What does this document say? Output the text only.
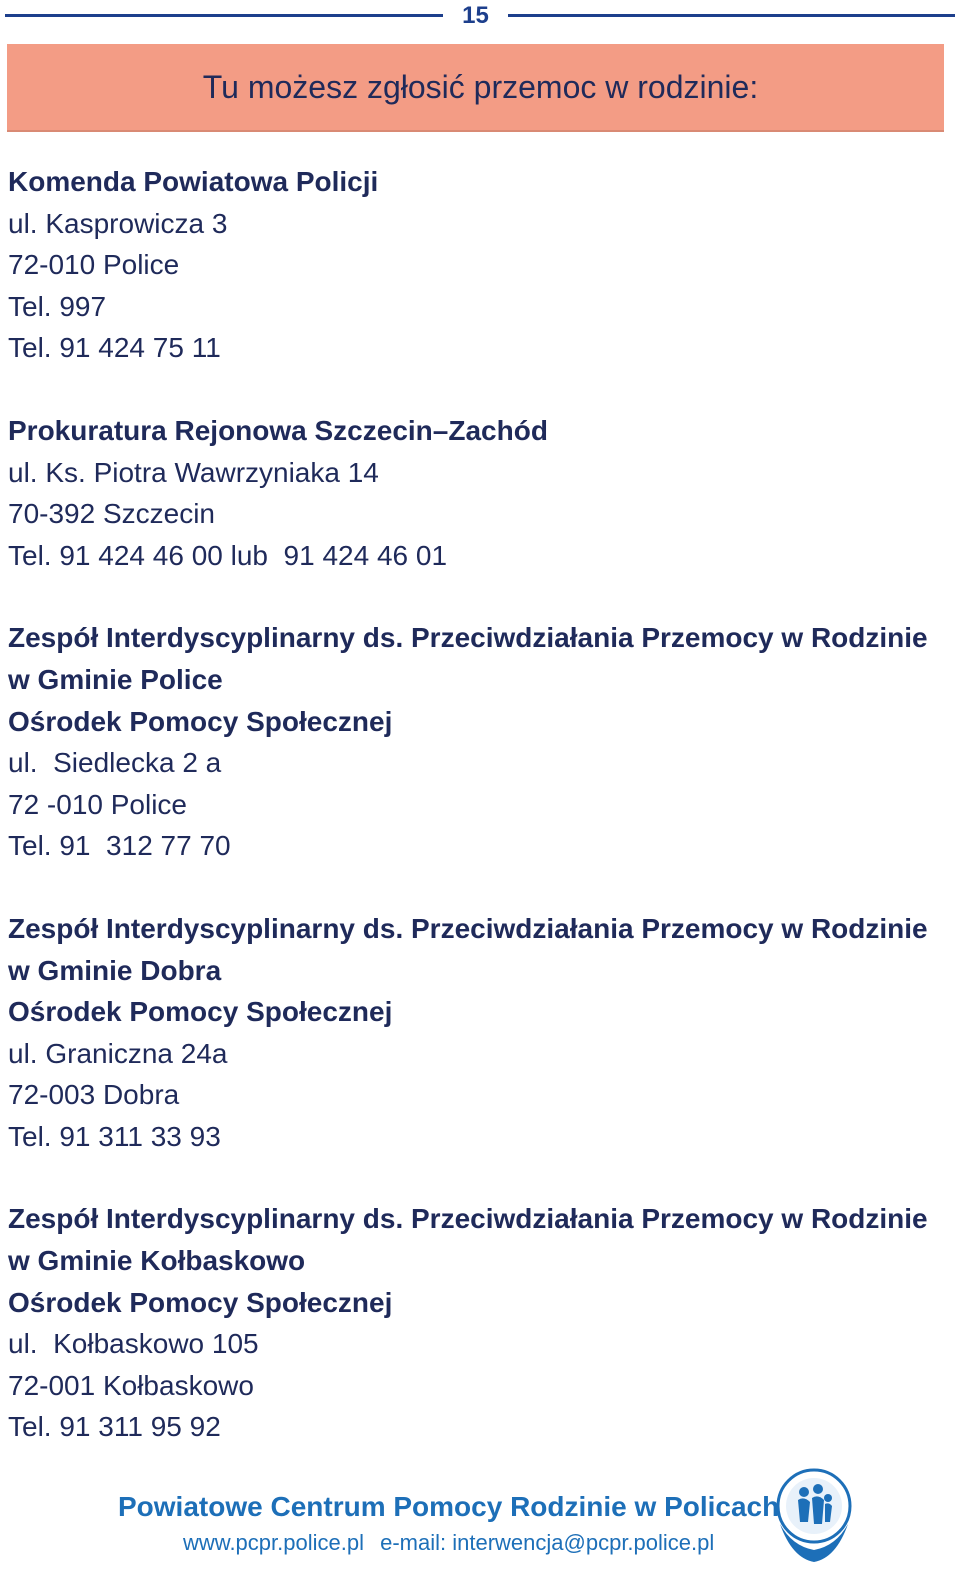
15
Tu możesz zgłosić przemoc w rodzinie:
Komenda Powiatowa Policji
ul. Kasprowicza 3
72-010 Police
Tel. 997
Tel. 91 424 75 11
Prokuratura Rejonowa Szczecin–Zachód
ul. Ks. Piotra Wawrzyniaka 14
70-392 Szczecin
Tel. 91 424 46 00 lub  91 424 46 01
Zespół Interdyscyplinarny ds. Przeciwdziałania Przemocy w Rodzinie
w Gminie Police
Ośrodek Pomocy Społecznej
ul.  Siedlecka 2 a
72 -010 Police
Tel. 91  312 77 70
Zespół Interdyscyplinarny ds. Przeciwdziałania Przemocy w Rodzinie
w Gminie Dobra
Ośrodek Pomocy Społecznej
ul. Graniczna 24a
72-003 Dobra
Tel. 91 311 33 93
Zespół Interdyscyplinarny ds. Przeciwdziałania Przemocy w Rodzinie
w Gminie Kołbaskowo
Ośrodek Pomocy Społecznej
ul.  Kołbaskowo 105
72-001 Kołbaskowo
Tel. 91 311 95 92
Powiatowe Centrum Pomocy Rodzinie w Policach
www.pcpr.police.pl e-mail: interwencja@pcpr.police.pl
